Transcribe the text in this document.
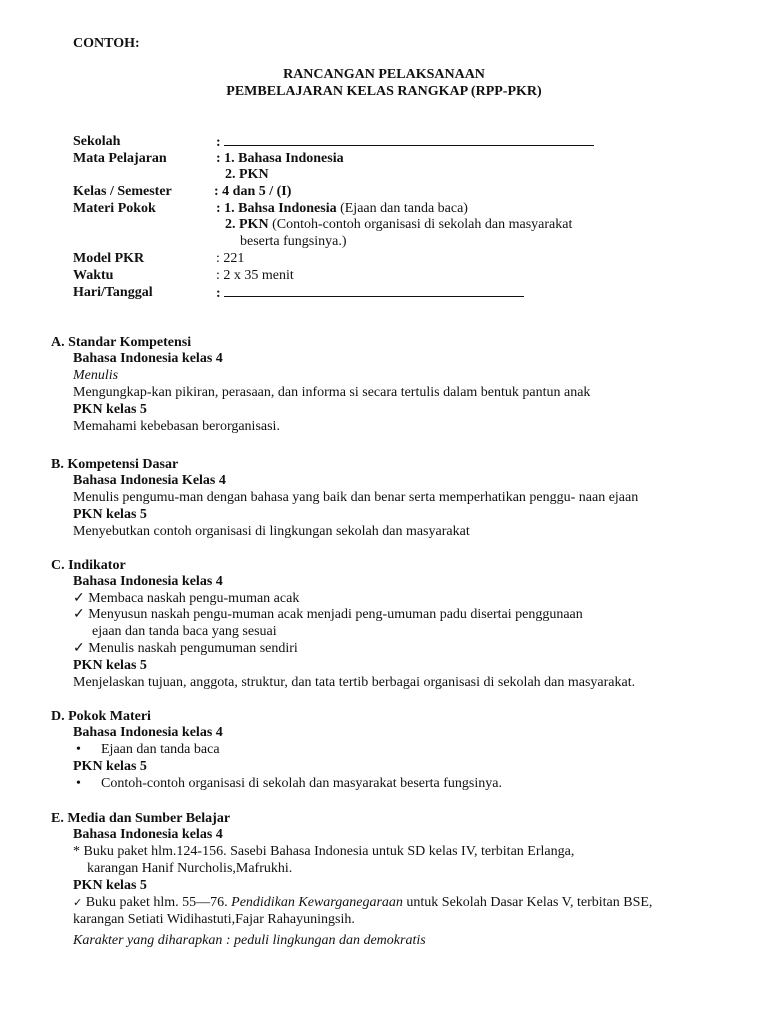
CONTOH:
RANCANGAN PELAKSANAAN
PEMBELAJARAN KELAS RANGKAP (RPP-PKR)
Sekolah	:
Mata Pelajaran	: 1. Bahasa Indonesia
2. PKN
Kelas / Semester	: 4 dan 5 / (I)
Materi Pokok	: 1. Bahsa Indonesia (Ejaan dan tanda baca)
2. PKN (Contoh-contoh organisasi di sekolah dan masyarakat
beserta fungsinya.)
Model PKR	: 221
Waktu	: 2 x 35 menit
Hari/Tanggal	:
A. Standar Kompetensi
Bahasa Indonesia kelas 4
Menulis
Mengungkap-kan pikiran, perasaan, dan informa si secara tertulis dalam bentuk pantun anak
PKN kelas 5
Memahami kebebasan berorganisasi.
B. Kompetensi Dasar
Bahasa Indonesia Kelas 4
Menulis pengumu-man dengan bahasa yang baik dan benar serta memperhatikan penggu- naan ejaan
PKN kelas 5
Menyebutkan contoh organisasi di lingkungan sekolah dan masyarakat
C. Indikator
Bahasa Indonesia kelas 4
✓ Membaca naskah pengu-muman acak
✓ Menyusun naskah pengu-muman acak menjadi peng-umuman padu disertai penggunaan
ejaan dan tanda baca yang sesuai
✓ Menulis naskah pengumuman sendiri
PKN kelas 5
Menjelaskan tujuan, anggota, struktur, dan tata tertib berbagai organisasi di sekolah dan masyarakat.
D. Pokok Materi
Bahasa Indonesia kelas 4
• Ejaan dan tanda baca
PKN kelas 5
• Contoh-contoh organisasi di sekolah dan masyarakat beserta fungsinya.
E. Media dan Sumber Belajar
Bahasa Indonesia kelas 4
* Buku paket hlm.124-156. Sasebi Bahasa Indonesia untuk SD kelas IV, terbitan Erlanga,
karangan Hanif Nurcholis,Mafrukhi.
PKN kelas 5
✓ Buku paket hlm. 55—76. Pendidikan Kewarganegaraan untuk Sekolah Dasar Kelas V, terbitan BSE,
karangan Setiati Widihastuti,Fajar Rahayuningsih.
Karakter yang diharapkan : peduli lingkungan dan demokratis
